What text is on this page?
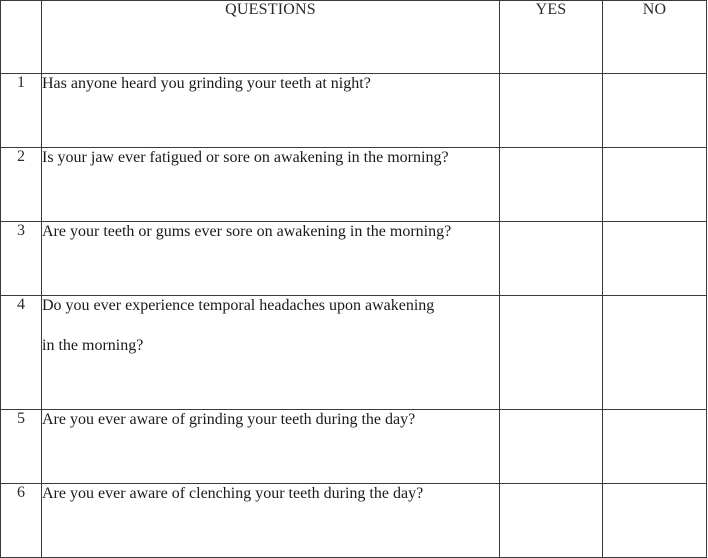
	QUESTIONS	YES	NO
1	Has anyone heard you grinding your teeth at night?		

2	Is your jaw ever fatigued or sore on awakening in the morning?		

3	Are your teeth or gums ever sore on awakening in the morning?		

4	Do you ever experience temporal headaches upon awakening
in the morning?		

5	Are you ever aware of grinding your teeth during the day?		

6	Are you ever aware of clenching your teeth during the day?		
